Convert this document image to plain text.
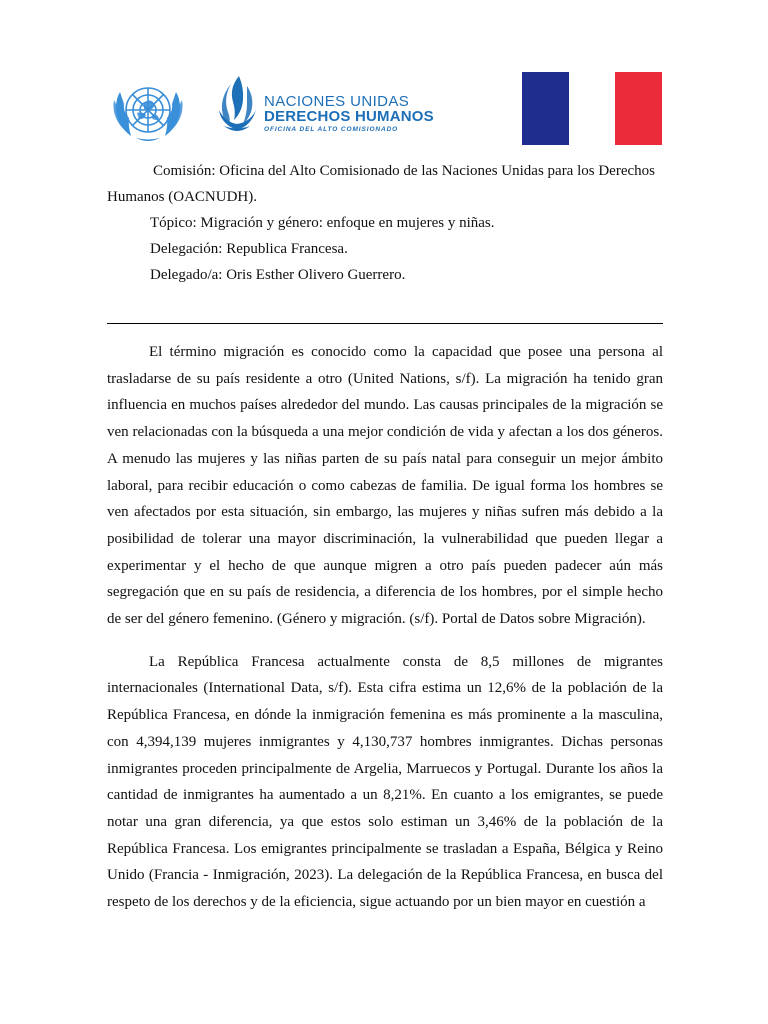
NACIONES UNIDAS
DERECHOS HUMANOS
OFICINA DEL ALTO COMISIONADO

Comisión: Oficina del Alto Comisionado de las Naciones Unidas para los Derechos Humanos (OACNUDH).

Tópico: Migración y género: enfoque en mujeres y niñas.

Delegación: Republica Francesa.

Delegado/a: Oris Esther Olivero Guerrero.

El término migración es conocido como la capacidad que posee una persona al trasladarse de su país residente a otro (United Nations, s/f). La migración ha tenido gran influencia en muchos países alrededor del mundo. Las causas principales de la migración se ven relacionadas con la búsqueda a una mejor condición de vida y afectan a los dos géneros. A menudo las mujeres y las niñas parten de su país natal para conseguir un mejor ámbito laboral, para recibir educación o como cabezas de familia. De igual forma los hombres se ven afectados por esta situación, sin embargo, las mujeres y niñas sufren más debido a la posibilidad de tolerar una mayor discriminación, la vulnerabilidad que pueden llegar a experimentar y el hecho de que aunque migren a otro país pueden padecer aún más segregación que en su país de residencia, a diferencia de los hombres, por el simple hecho de ser del género femenino. (Género y migración. (s/f). Portal de Datos sobre Migración).

La República Francesa actualmente consta de 8,5 millones de migrantes internacionales (International Data, s/f). Esta cifra estima un 12,6% de la población de la República Francesa, en dónde la inmigración femenina es más prominente a la masculina, con 4,394,139 mujeres inmigrantes y 4,130,737 hombres inmigrantes. Dichas personas inmigrantes proceden principalmente de Argelia, Marruecos y Portugal. Durante los años la cantidad de inmigrantes ha aumentado a un 8,21%. En cuanto a los emigrantes, se puede notar una gran diferencia, ya que estos solo estiman un 3,46% de la población de la República Francesa. Los emigrantes principalmente se trasladan a España, Bélgica y Reino Unido (Francia - Inmigración, 2023). La delegación de la República Francesa, en busca del respeto de los derechos y de la eficiencia, sigue actuando por un bien mayor en cuestión a
